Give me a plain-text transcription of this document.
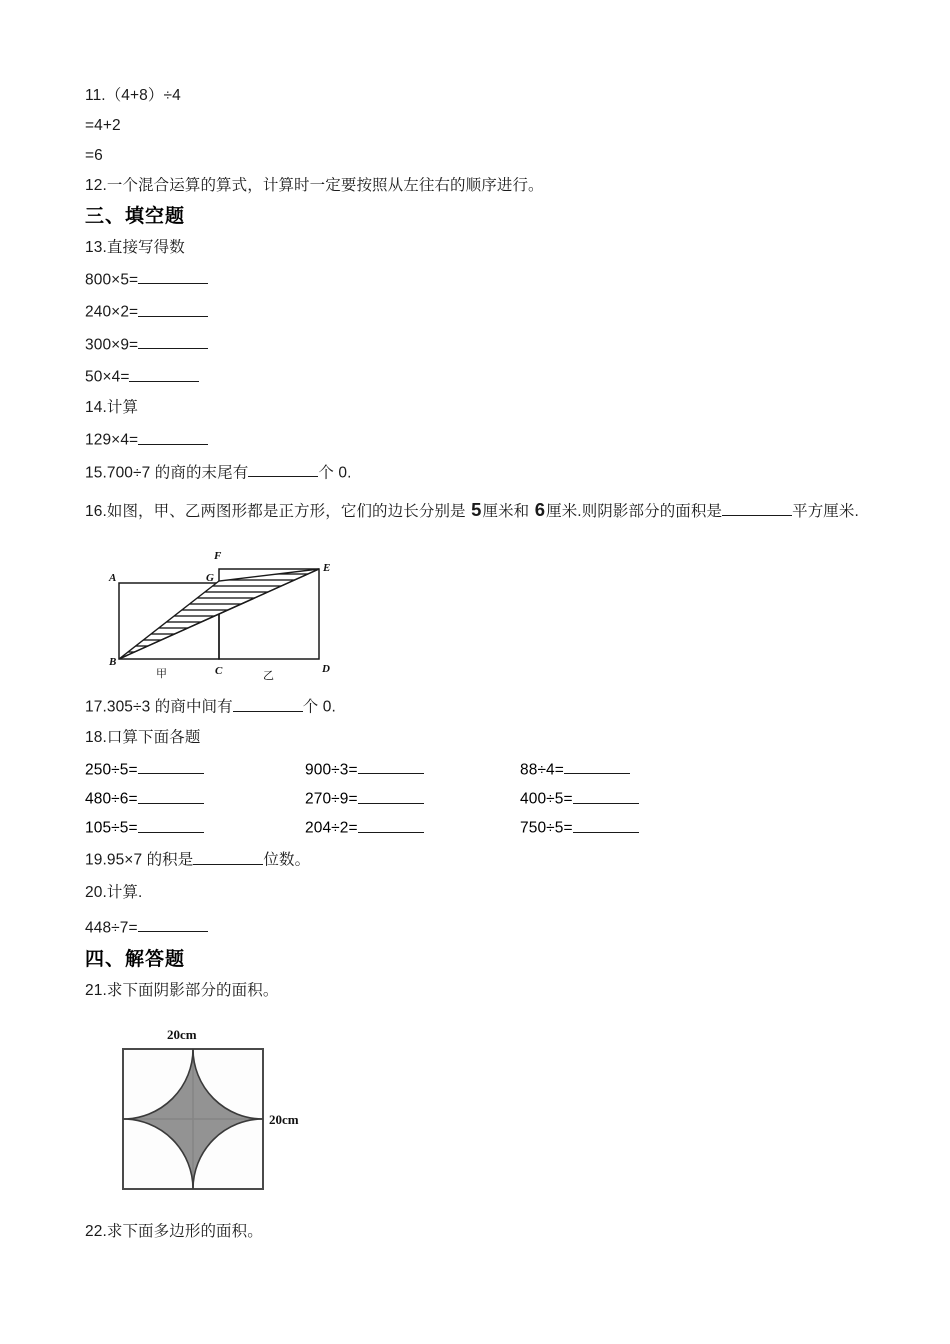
11.（4+8）÷4
=4+2
=6
12.一个混合运算的算式，计算时一定要按照从左往右的顺序进行。
三、填空题
13.直接写得数
800×5=
240×2=
300×9=
50×4=
14.计算
129×4=
15.700÷7 的商的末尾有	个 0.
16.如图，甲、乙两图形都是正方形，它们的边长分别是 5厘米和 6厘米.则阴影部分的面积是	平方厘米.
A
B
C	D
E
F
G
甲	乙
17.305÷3 的商中间有	个 0.
18.口算下面各题
250÷5=	900÷3=	88÷4=
480÷6=	270÷9=	400÷5=
105÷5=	204÷2=	750÷5=
19.95×7 的积是	位数。
20.计算.
448÷7=
四、解答题
21.求下面阴影部分的面积。
20cm
20cm
22.求下面多边形的面积。
